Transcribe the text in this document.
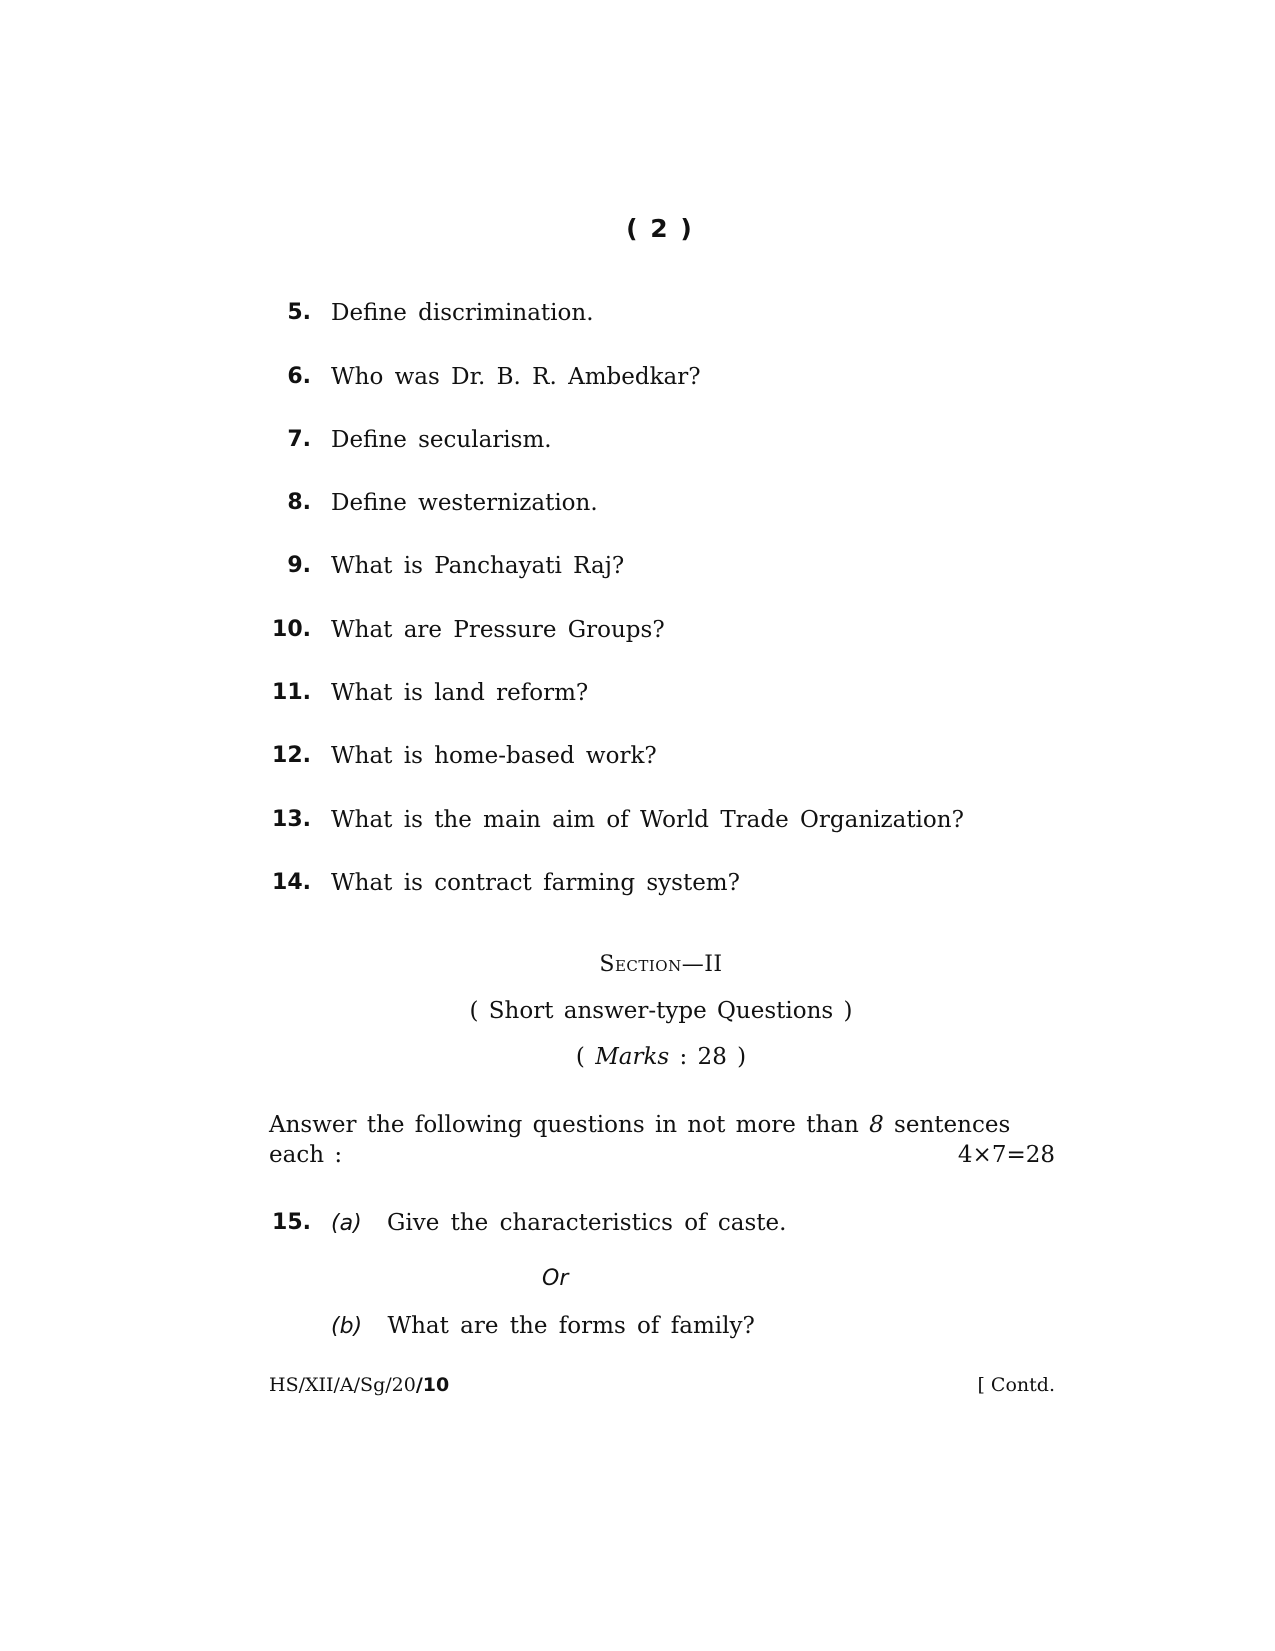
( 2 )
5. Define discrimination.
6. Who was Dr. B. R. Ambedkar?
7. Define secularism.
8. Define westernization.
9. What is Panchayati Raj?
10. What are Pressure Groups?
11. What is land reform?
12. What is home-based work?
13. What is the main aim of World Trade Organization?
14. What is contract farming system?
Section—II
( Short answer-type Questions )
( Marks : 28 )
Answer the following questions in not more than 8 sentences
each :	4×7=28
15. (a) Give the characteristics of caste.
Or
(b) What are the forms of family?
HS/XII/A/Sg/20/10	[ Contd.
